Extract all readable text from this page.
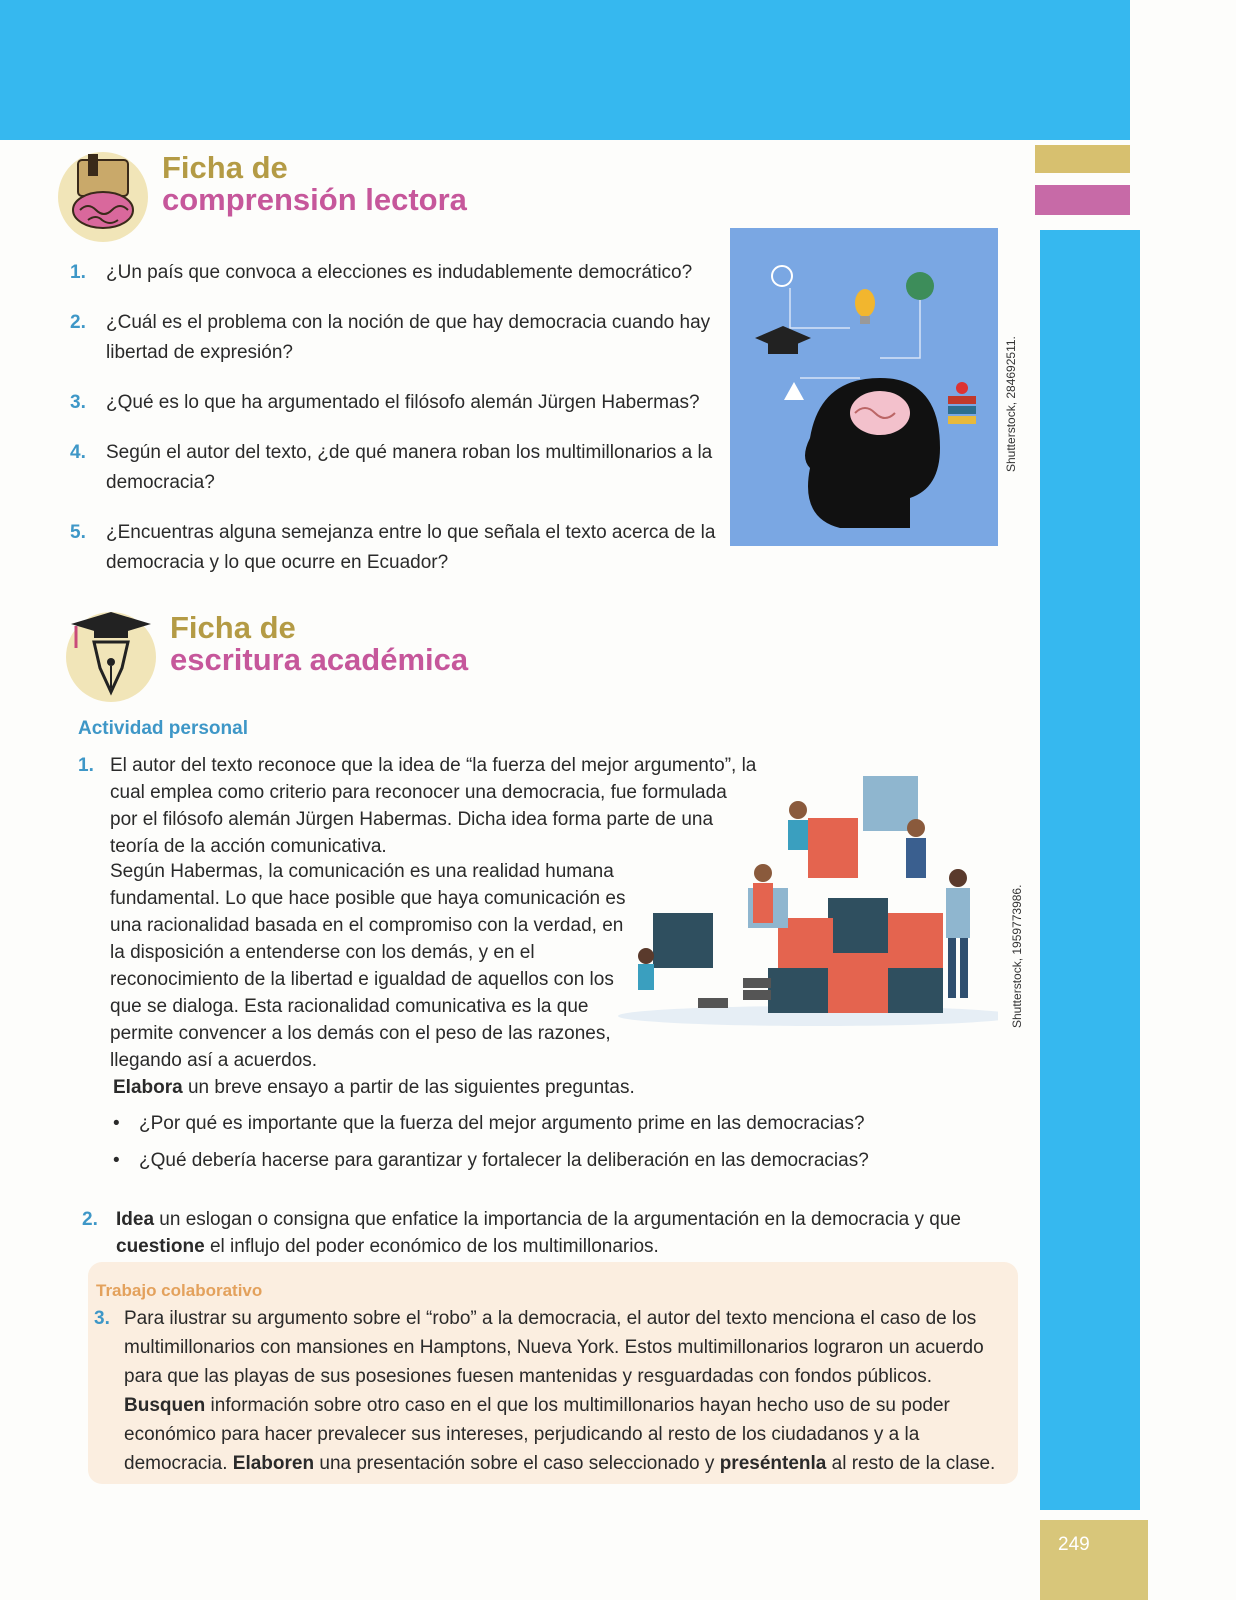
Ficha de
comprensión lectora
1.	¿Un país que convoca a elecciones es indudablemente democrático?
2.	¿Cuál es el problema con la noción de que hay democracia cuando hay libertad de expresión?
3.	¿Qué es lo que ha argumentado el filósofo alemán Jürgen Habermas?
4.	Según el autor del texto, ¿de qué manera roban los multimillonarios a la democracia?
5.	¿Encuentras alguna semejanza entre lo que señala el texto acerca de la democracia y lo que ocurre en Ecuador?
Shutterstock, 284692511.
Ficha de
escritura académica
Actividad personal
1. El autor del texto reconoce que la idea de “la fuerza del mejor argumento”, la cual emplea como criterio para reconocer una democracia, fue formulada por el filósofo alemán Jürgen Habermas. Dicha idea forma parte de una teoría de la acción comunicativa.
Según Habermas, la comunicación es una realidad humana fundamental. Lo que hace posible que haya comunicación es una racionalidad basada en el compromiso con la verdad, en la disposición a entenderse con los demás, y en el reconocimiento de la libertad e igualdad de aquellos con los que se dialoga. Esta racionalidad comunicativa es la que permite convencer a los demás con el peso de las razones, llegando así a acuerdos.
Elabora un breve ensayo a partir de las siguientes preguntas.
•	¿Por qué es importante que la fuerza del mejor argumento prime en las democracias?
•	¿Qué debería hacerse para garantizar y fortalecer la deliberación en las democracias?
Shutterstock, 1959773986.
2. Idea un eslogan o consigna que enfatice la importancia de la argumentación en la democracia y que cuestione el influjo del poder económico de los multimillonarios.
Trabajo colaborativo
3. Para ilustrar su argumento sobre el “robo” a la democracia, el autor del texto menciona el caso de los multimillonarios con mansiones en Hamptons, Nueva York. Estos multimillonarios lograron un acuerdo para que las playas de sus posesiones fuesen mantenidas y resguardadas con fondos públicos.
Busquen información sobre otro caso en el que los multimillonarios hayan hecho uso de su poder económico para hacer prevalecer sus intereses, perjudicando al resto de los ciudadanos y a la democracia. Elaboren una presentación sobre el caso seleccionado y preséntenla al resto de la clase.
249
